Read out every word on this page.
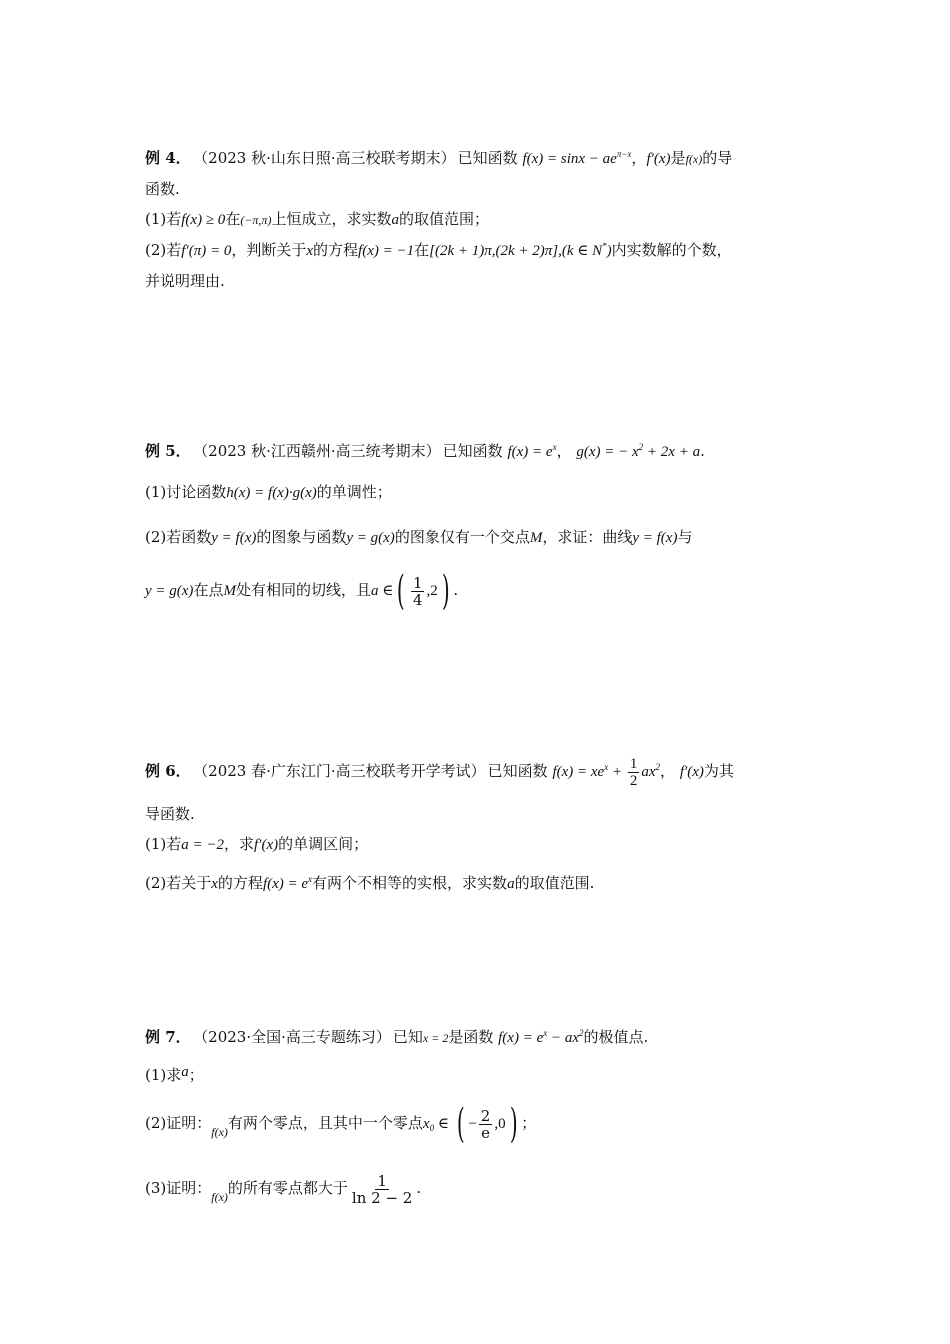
例 4． （2023 秋·山东日照·高三校联考期末） 已知函数 $f(x) = \sin x - ae^{\pi-x}$，f′(x)是f(x)的导
函数.
(1)若f(x) ≥ 0在(−π,π)上恒成立，求实数a的取值范围；
(2)若f′(π) = 0，判断关于x的方程f(x) = −1在[(2k + 1)π,(2k + 2)π],(k ∈ N*)内实数解的个数，
并说明理由.
例 5． （2023 秋·江西赣州·高三统考期末） 已知函数 $f(x) = e^x$， g(x) = − $x^2 + 2x + a$.
(1)讨论函数h(x) = f(x)·g(x)的单调性；
(2)若函数y = f(x)的图象与函数y = g(x)的图象仅有一个交点M，求证：曲线y = f(x)与
y = g(x)在点M处有相同的切线，且a ∈( $\frac{1}{4} ,2$) .
例 6． （2023 春·广东江门·高三校联考开学考试） 已知函数 $f(x) = xe^x + \frac{1}{2} ax^2$， f′(x)为其
导函数.
(1)若a = −2，求f′(x)的单调区间；
(2)若关于x的方程$f(x) = e^x$有两个不相等的实根，求实数a的取值范围.
例 7． （2023·全国·高三专题练习） 已知x = 2是函数 $f(x) = e^x - ax^2$的极值点.
(1)求a；
(2)证明：$_{f(x)}$有两个零点，且其中一个零点$x_0$ ∈ ( − $\frac{2}{e} ,0$) ；
(3)证明：$_{f(x)}$的所有零点都大于 $\frac{1}{\ln 2 - 2}$ .
